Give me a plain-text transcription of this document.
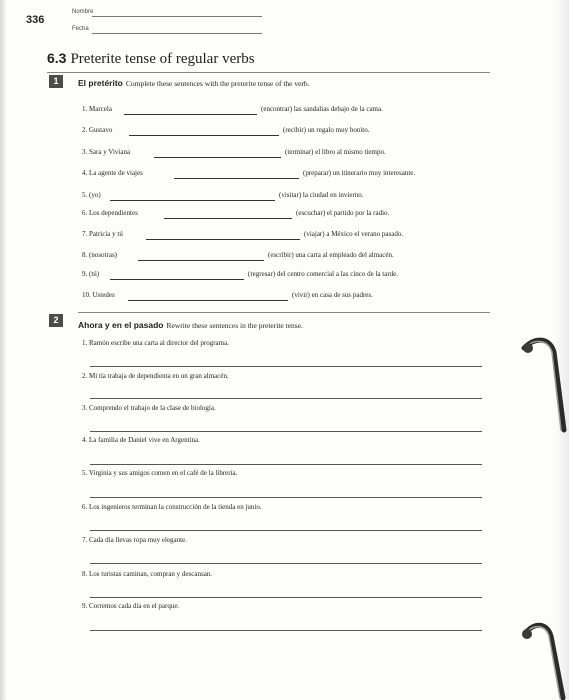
336
Nombre
Fecha
6.3 Preterite tense of regular verbs
1	El pretérito Complete these sentences with the preterite tense of the verb.
1. Marcela	(encontrar) las sandalias debajo de la cama.
2. Gustavo	(recibir) un regalo muy bonito.
3. Sara y Viviana	(terminar) el libro al mismo tiempo.
4. La agente de viajes	(preparar) un itinerario muy interesante.
5. (yo)	(visitar) la ciudad en invierno.
6. Los dependientes	(escuchar) el partido por la radio.
7. Patricia y tú	(viajar) a México el verano pasado.
8. (nosotras)	(escribir) una carta al empleado del almacén.
9. (tú)	(regresar) del centro comercial a las cinco de la tarde.
10. Ustedes	(vivir) en casa de sus padres.
2	Ahora y en el pasado Rewrite these sentences in the preterite tense.
1. Ramón escribe una carta al director del programa.
2. Mi tía trabaja de dependienta en un gran almacén.
3. Comprendo el trabajo de la clase de biología.
4. La familia de Daniel vive en Argentina.
5. Virginia y sus amigos comen en el café de la librería.
6. Los ingenieros terminan la construcción de la tienda en junio.
7. Cada día llevas ropa muy elegante.
8. Los turistas caminan, compran y descansan.
9. Corremos cada día en el parque.
